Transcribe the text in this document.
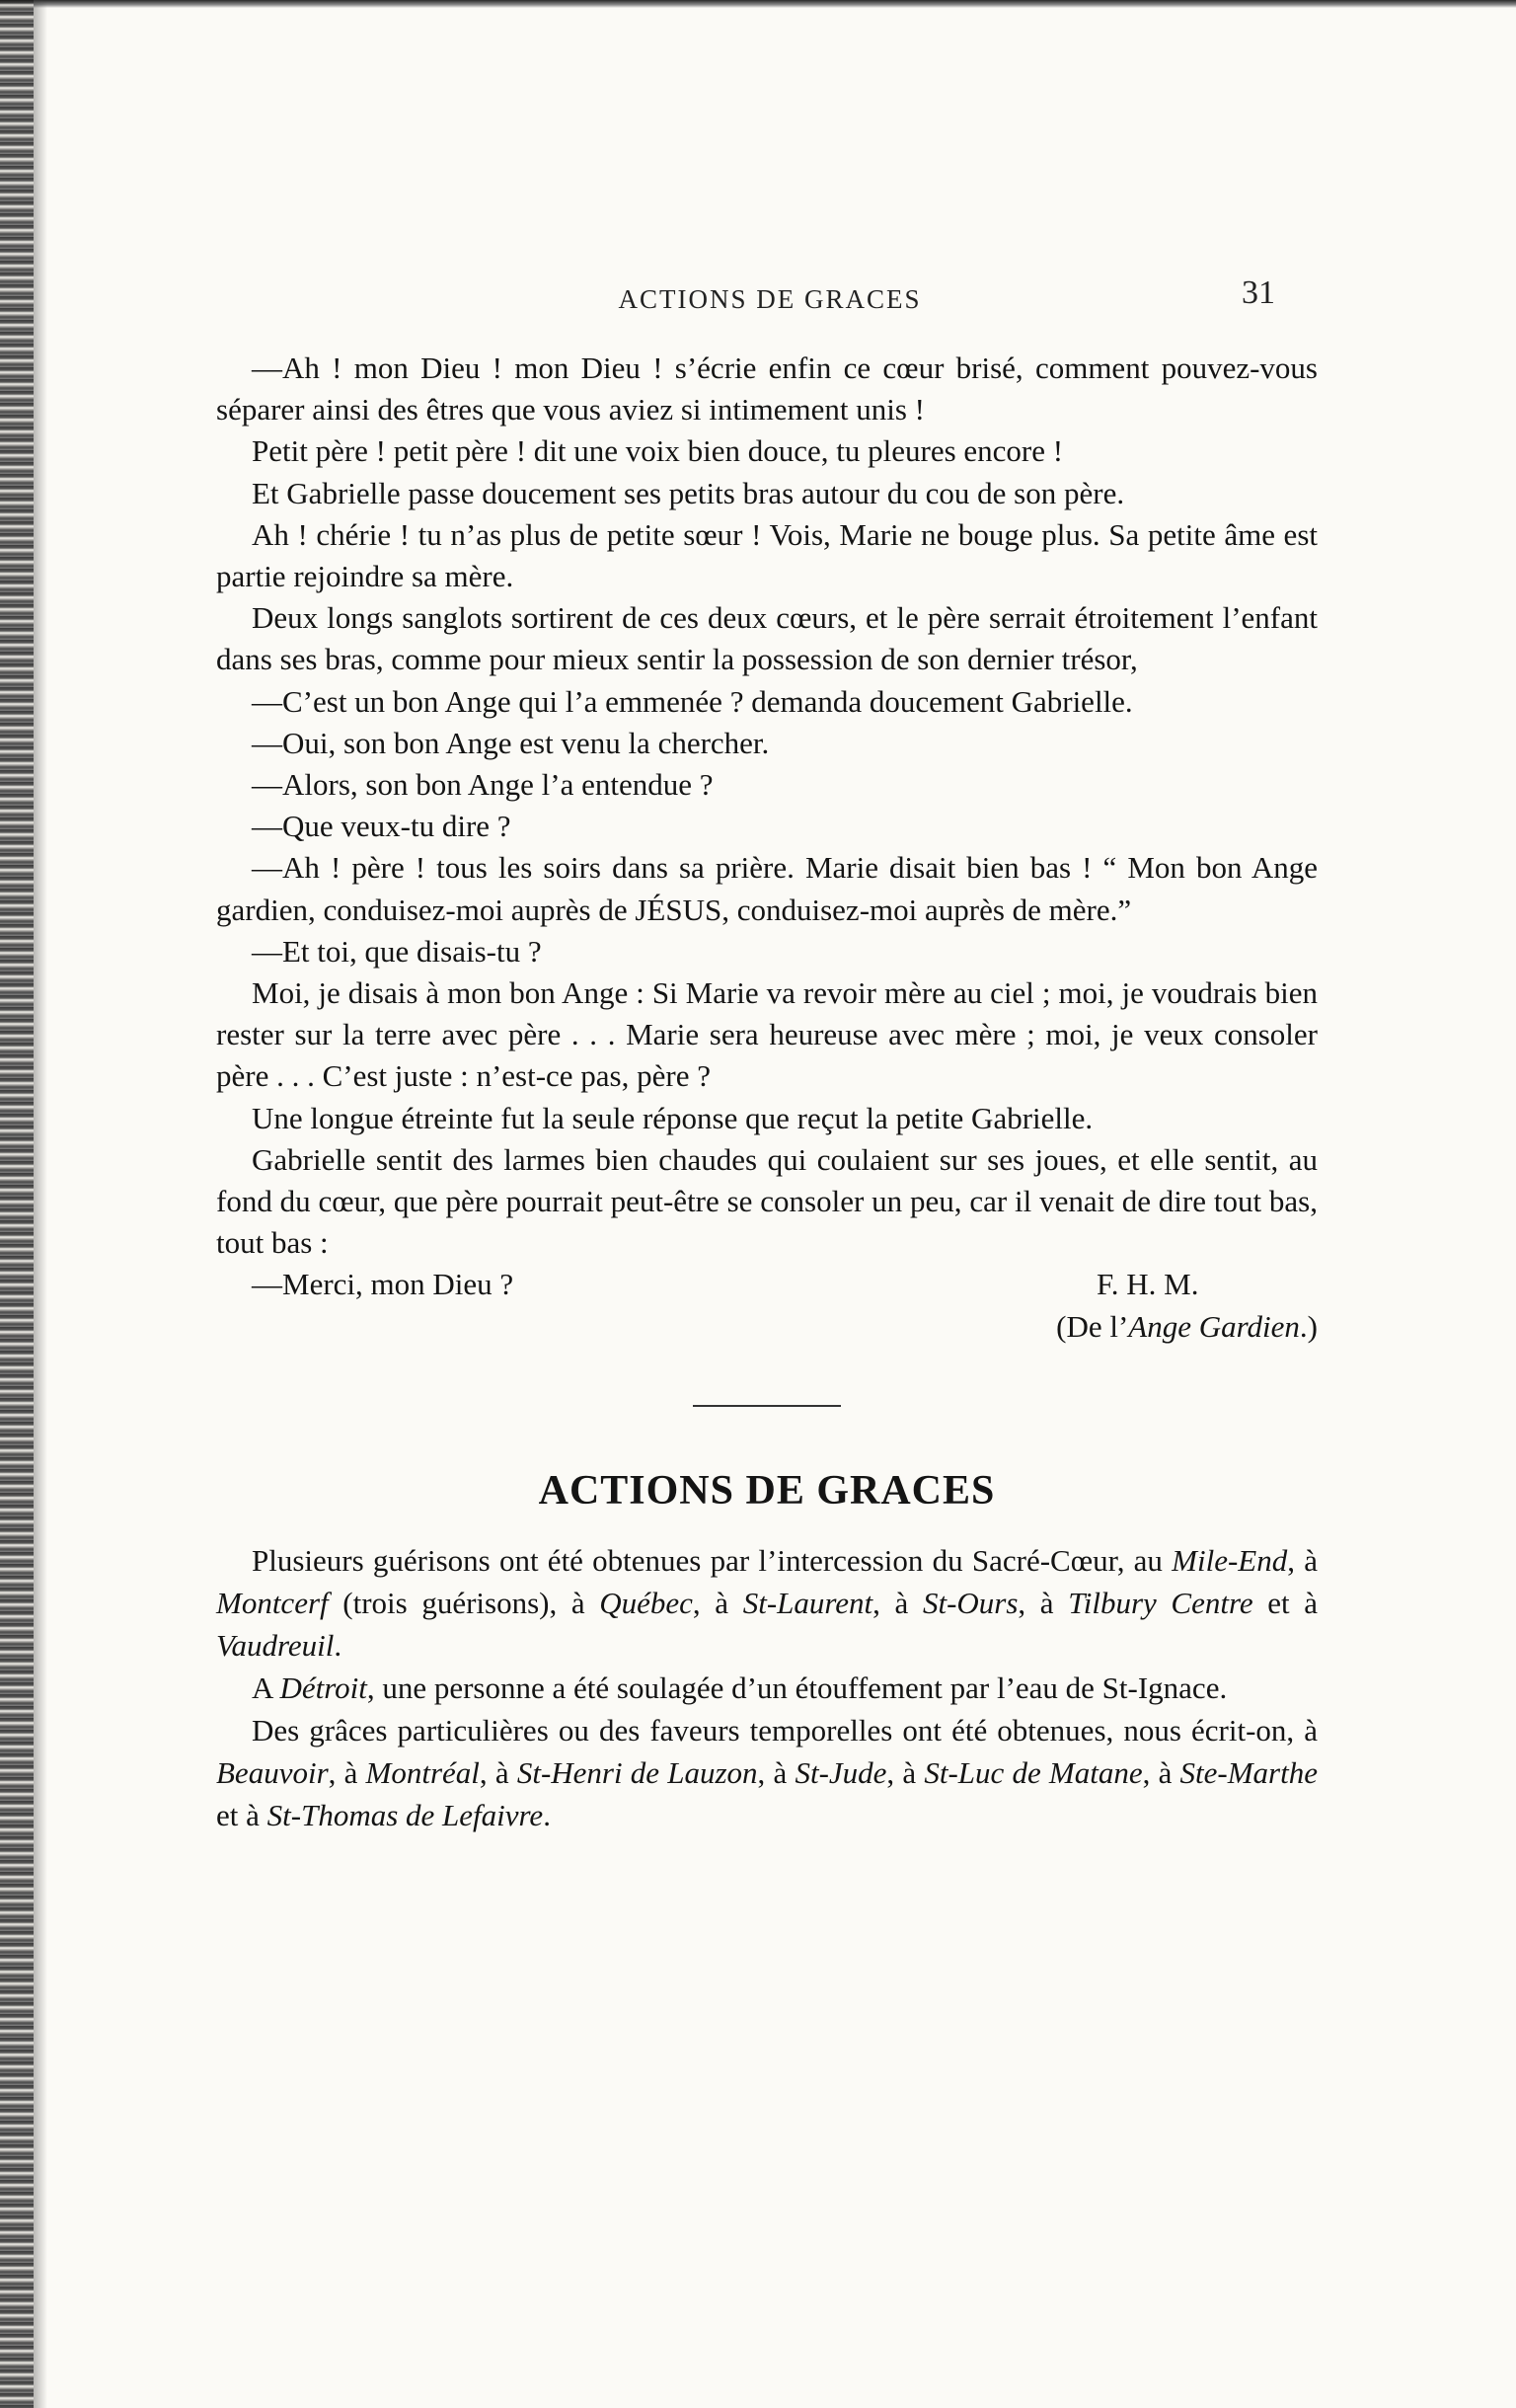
ACTIONS DE GRACES	31

—Ah ! mon Dieu ! mon Dieu ! s’écrie enfin ce cœur brisé, comment pouvez-vous séparer ainsi des êtres que vous aviez si intimement unis !

Petit père ! petit père ! dit une voix bien douce, tu pleures encore !

Et Gabrielle passe doucement ses petits bras autour du cou de son père.

Ah ! chérie ! tu n’as plus de petite sœur ! Vois, Marie ne bouge plus. Sa petite âme est partie rejoindre sa mère.

Deux longs sanglots sortirent de ces deux cœurs, et le père serrait étroitement l’enfant dans ses bras, comme pour mieux sentir la possession de son dernier trésor,

—C’est un bon Ange qui l’a emmenée ? demanda doucement Gabrielle.

—Oui, son bon Ange est venu la chercher.

—Alors, son bon Ange l’a entendue ?

—Que veux-tu dire ?

—Ah ! père ! tous les soirs dans sa prière. Marie disait bien bas ! “ Mon bon Ange gardien, conduisez-moi auprès de JÉSUS, conduisez-moi auprès de mère.”

—Et toi, que disais-tu ?

Moi, je disais à mon bon Ange : Si Marie va revoir mère au ciel ; moi, je voudrais bien rester sur la terre avec père . . . Marie sera heureuse avec mère ; moi, je veux consoler père . . . C’est juste : n’est-ce pas, père ?

Une longue étreinte fut la seule réponse que reçut la petite Gabrielle.

Gabrielle sentit des larmes bien chaudes qui coulaient sur ses joues, et elle sentit, au fond du cœur, que père pourrait peut-être se consoler un peu, car il venait de dire tout bas, tout bas :

—Merci, mon Dieu ?	F. H. M.

(De l’Ange Gardien.)

ACTIONS DE GRACES

Plusieurs guérisons ont été obtenues par l’intercession du Sacré-Cœur, au Mile-End, à Montcerf (trois guérisons), à Québec, à St-Laurent, à St-Ours, à Tilbury Centre et à Vaudreuil.

A Détroit, une personne a été soulagée d’un étouffement par l’eau de St-Ignace.

Des grâces particulières ou des faveurs temporelles ont été obtenues, nous écrit-on, à Beauvoir, à Montréal, à St-Henri de Lauzon, à St-Jude, à St-Luc de Matane, à Ste-Marthe et à St-Thomas de Lefaivre.
